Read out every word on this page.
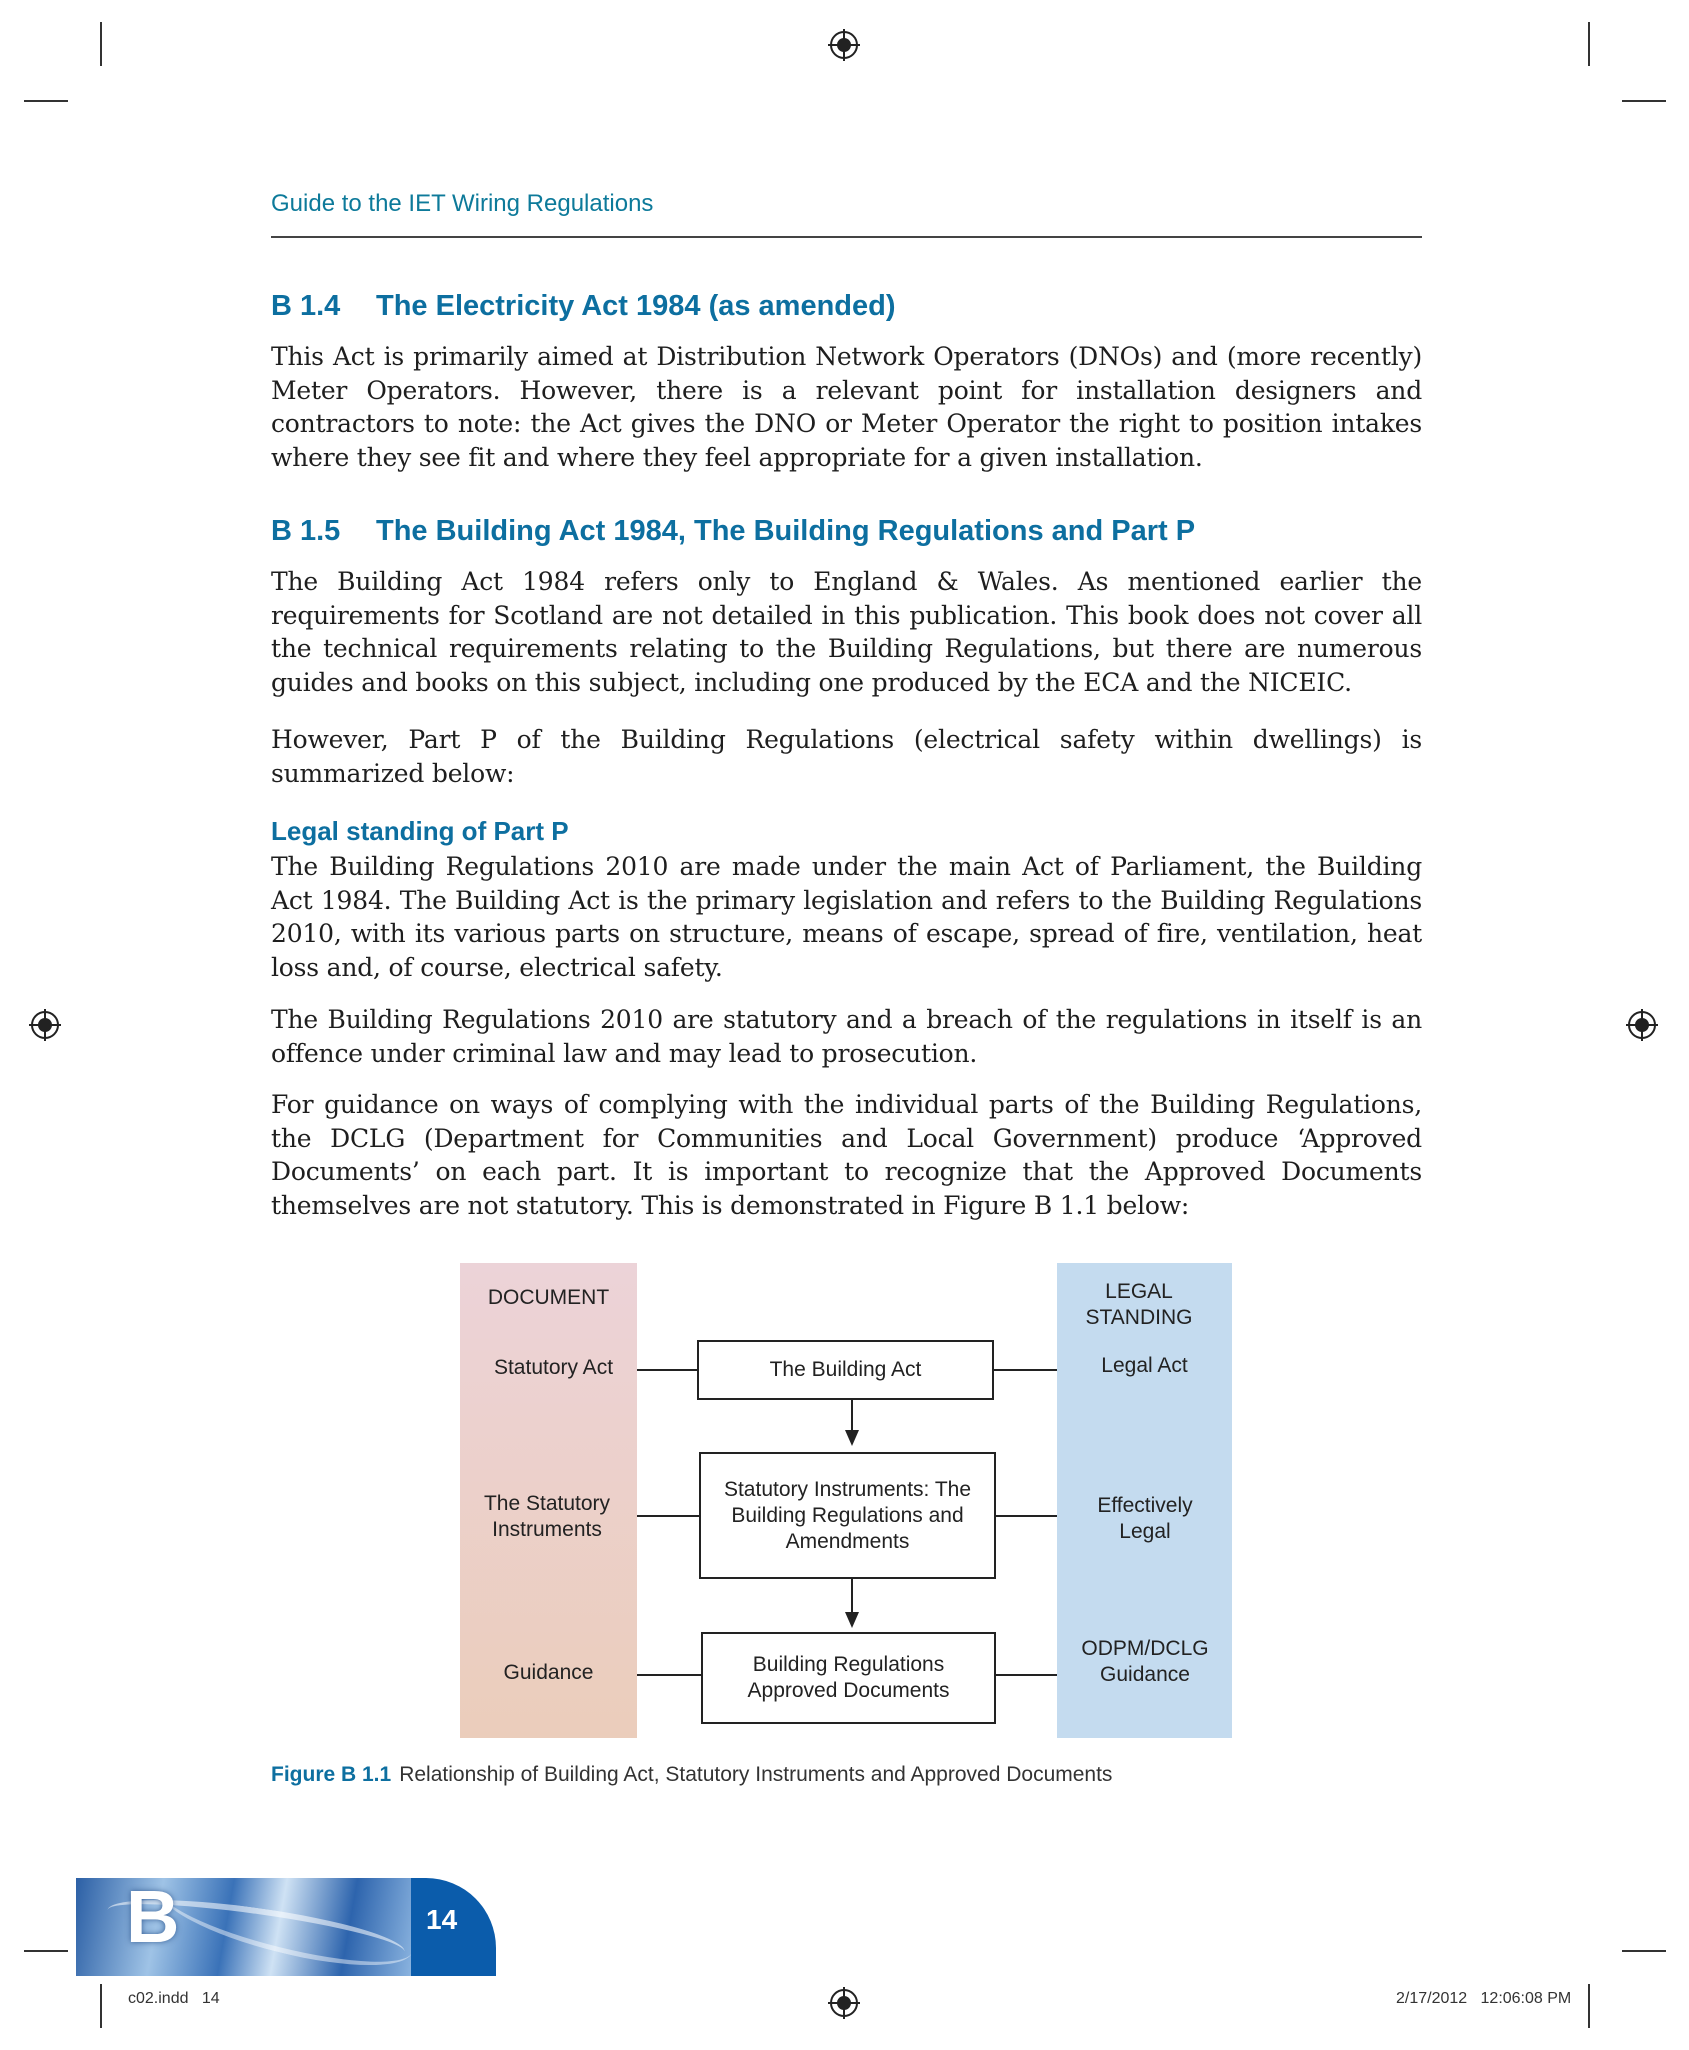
Guide to the IET Wiring Regulations
B 1.4 The Electricity Act 1984 (as amended)

This Act is primarily aimed at Distribution Network Operators (DNOs) and (more recently) Meter Operators. However, there is a relevant point for installation designers and contractors to note: the Act gives the DNO or Meter Operator the right to position intakes where they see fit and where they feel appropriate for a given installation.

B 1.5 The Building Act 1984, The Building Regulations and Part P

The Building Act 1984 refers only to England & Wales. As mentioned earlier the requirements for Scotland are not detailed in this publication. This book does not cover all the technical requirements relating to the Building Regulations, but there are numerous guides and books on this subject, including one produced by the ECA and the NICEIC.

However, Part P of the Building Regulations (electrical safety within dwellings) is summarized below:

Legal standing of Part P

The Building Regulations 2010 are made under the main Act of Parliament, the Building Act 1984. The Building Act is the primary legislation and refers to the Building Regulations 2010, with its various parts on structure, means of escape, spread of fire, ventilation, heat loss and, of course, electrical safety.

The Building Regulations 2010 are statutory and a breach of the regulations in itself is an offence under criminal law and may lead to prosecution.

For guidance on ways of complying with the individual parts of the Building Regulations, the DCLG (Department for Communities and Local Government) produce ‘Approved Documents’ on each part. It is important to recognize that the Approved Documents themselves are not statutory. This is demonstrated in Figure B 1.1 below:

DOCUMENT	LEGAL STANDING
Statutory Act	The Building Act	Legal Act
The Statutory Instruments
Statutory Instruments: The Building Regulations and Amendments
Effectively Legal
Guidance	Building Regulations Approved Documents
ODPM/DCLG Guidance
Figure B 1.1 Relationship of Building Act, Statutory Instruments and Approved Documents
B	14
c02.indd   14	2/17/2012   12:06:08 PM
